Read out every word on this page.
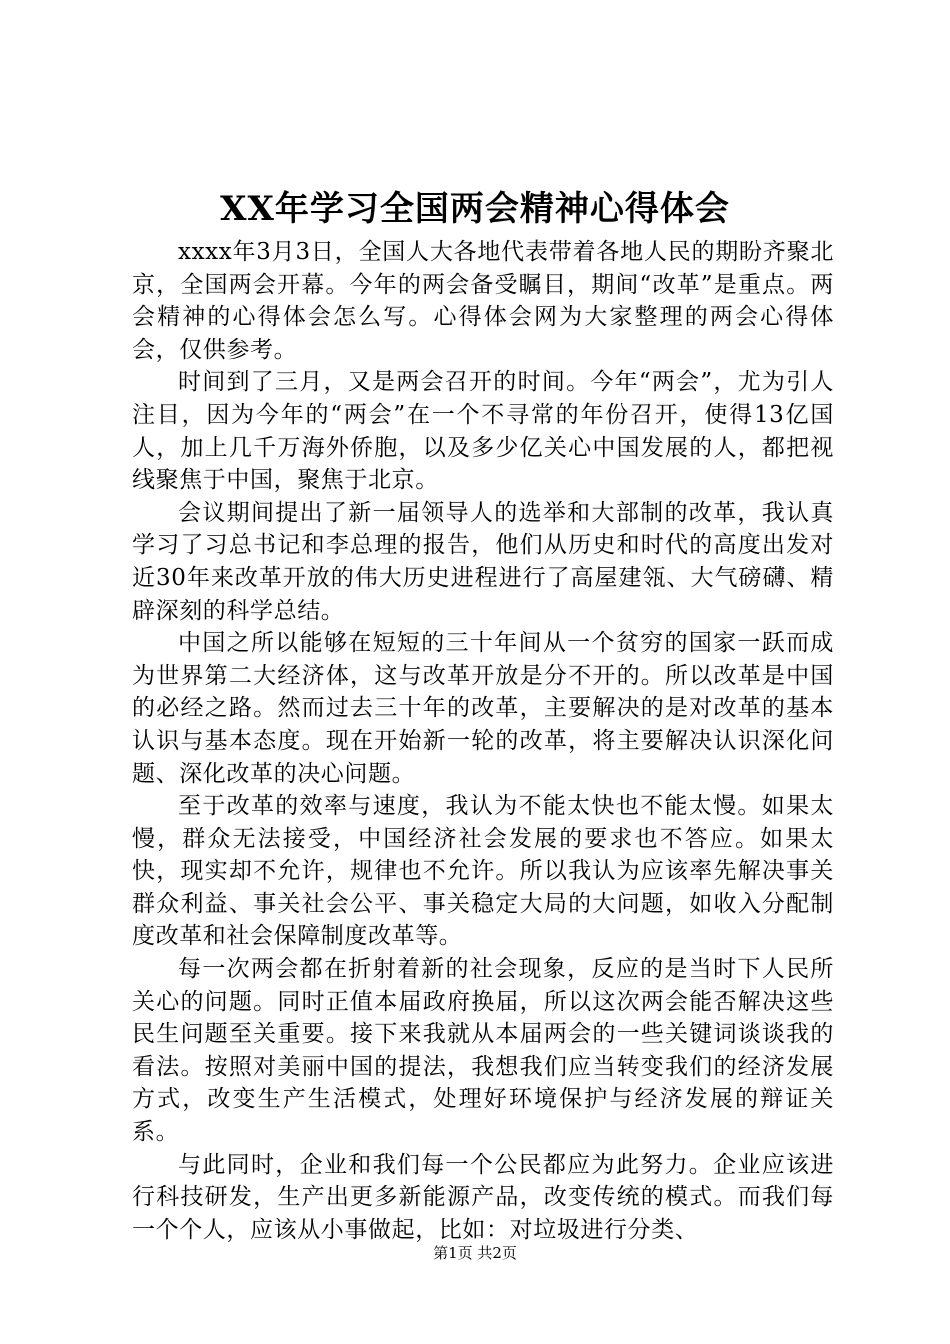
XX年学习全国两会精神心得体会

xxxx年3月3日，全国人大各地代表带着各地人民的期盼齐聚北京，全国两会开幕。今年的两会备受瞩目，期间“改革”是重点。两会精神的心得体会怎么写。心得体会网为大家整理的两会心得体会，仅供参考。

时间到了三月，又是两会召开的时间。今年“两会”，尤为引人注目，因为今年的“两会”在一个不寻常的年份召开，使得13亿国人，加上几千万海外侨胞，以及多少亿关心中国发展的人，都把视线聚焦于中国，聚焦于北京。

会议期间提出了新一届领导人的选举和大部制的改革，我认真学习了习总书记和李总理的报告，他们从历史和时代的高度出发对近30年来改革开放的伟大历史进程进行了高屋建瓴、大气磅礴、精辟深刻的科学总结。

中国之所以能够在短短的三十年间从一个贫穷的国家一跃而成为世界第二大经济体，这与改革开放是分不开的。所以改革是中国的必经之路。然而过去三十年的改革，主要解决的是对改革的基本认识与基本态度。现在开始新一轮的改革，将主要解决认识深化问题、深化改革的决心问题。

至于改革的效率与速度，我认为不能太快也不能太慢。如果太慢，群众无法接受，中国经济社会发展的要求也不答应。如果太快，现实却不允许，规律也不允许。所以我认为应该率先解决事关群众利益、事关社会公平、事关稳定大局的大问题，如收入分配制度改革和社会保障制度改革等。

每一次两会都在折射着新的社会现象，反应的是当时下人民所关心的问题。同时正值本届政府换届，所以这次两会能否解决这些民生问题至关重要。接下来我就从本届两会的一些关键词谈谈我的看法。按照对美丽中国的提法，我想我们应当转变我们的经济发展方式，改变生产生活模式，处理好环境保护与经济发展的辩证关系。

与此同时，企业和我们每一个公民都应为此努力。企业应该进行科技研发，生产出更多新能源产品，改变传统的模式。而我们每一个个人，应该从小事做起，比如：对垃圾进行分类、

第1页 共2页
